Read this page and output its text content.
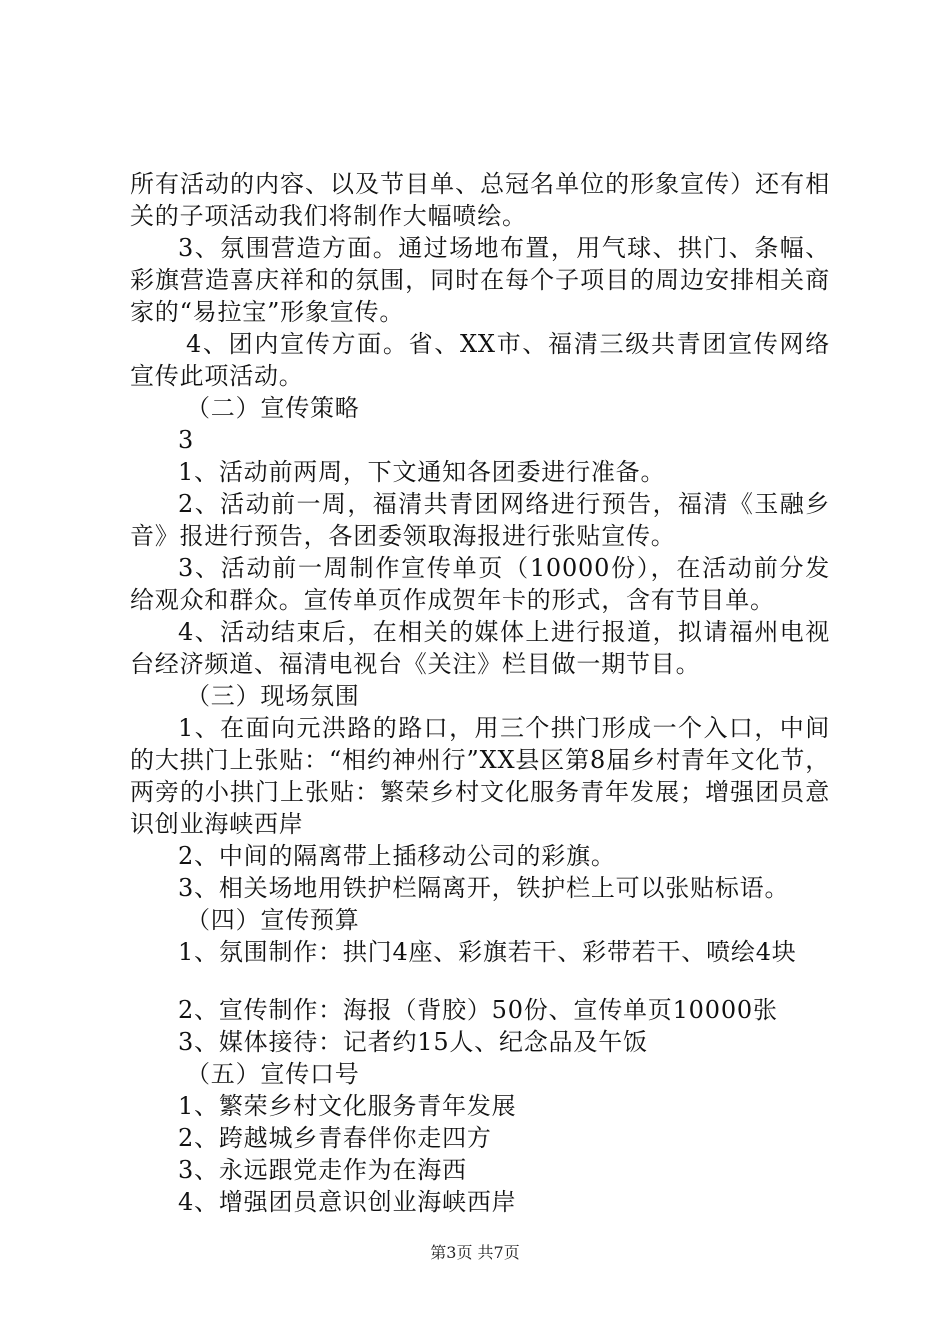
所有活动的内容、以及节目单、总冠名单位的形象宣传）还有相关的子项活动我们将制作大幅喷绘。

3、氛围营造方面。通过场地布置，用气球、拱门、条幅、彩旗营造喜庆祥和的氛围，同时在每个子项目的周边安排相关商家的“易拉宝”形象宣传。

4、团内宣传方面。省、XX市、福清三级共青团宣传网络宣传此项活动。

（二）宣传策略

3

1、活动前两周，下文通知各团委进行准备。

2、活动前一周，福清共青团网络进行预告，福清《玉融乡音》报进行预告，各团委领取海报进行张贴宣传。

3、活动前一周制作宣传单页（10000份），在活动前分发给观众和群众。宣传单页作成贺年卡的形式，含有节目单。

4、活动结束后，在相关的媒体上进行报道，拟请福州电视台经济频道、福清电视台《关注》栏目做一期节目。

（三）现场氛围

1、在面向元洪路的路口，用三个拱门形成一个入口，中间的大拱门上张贴：“相约神州行”XX县区第8届乡村青年文化节，两旁的小拱门上张贴：繁荣乡村文化服务青年发展；增强团员意识创业海峡西岸

2、中间的隔离带上插移动公司的彩旗。

3、相关场地用铁护栏隔离开，铁护栏上可以张贴标语。

（四）宣传预算

1、氛围制作：拱门4座、彩旗若干、彩带若干、喷绘4块

2、宣传制作：海报（背胶）50份、宣传单页10000张

3、媒体接待：记者约15人、纪念品及午饭

（五）宣传口号

1、繁荣乡村文化服务青年发展

2、跨越城乡青春伴你走四方

3、永远跟党走作为在海西

4、增强团员意识创业海峡西岸

第3页 共7页
